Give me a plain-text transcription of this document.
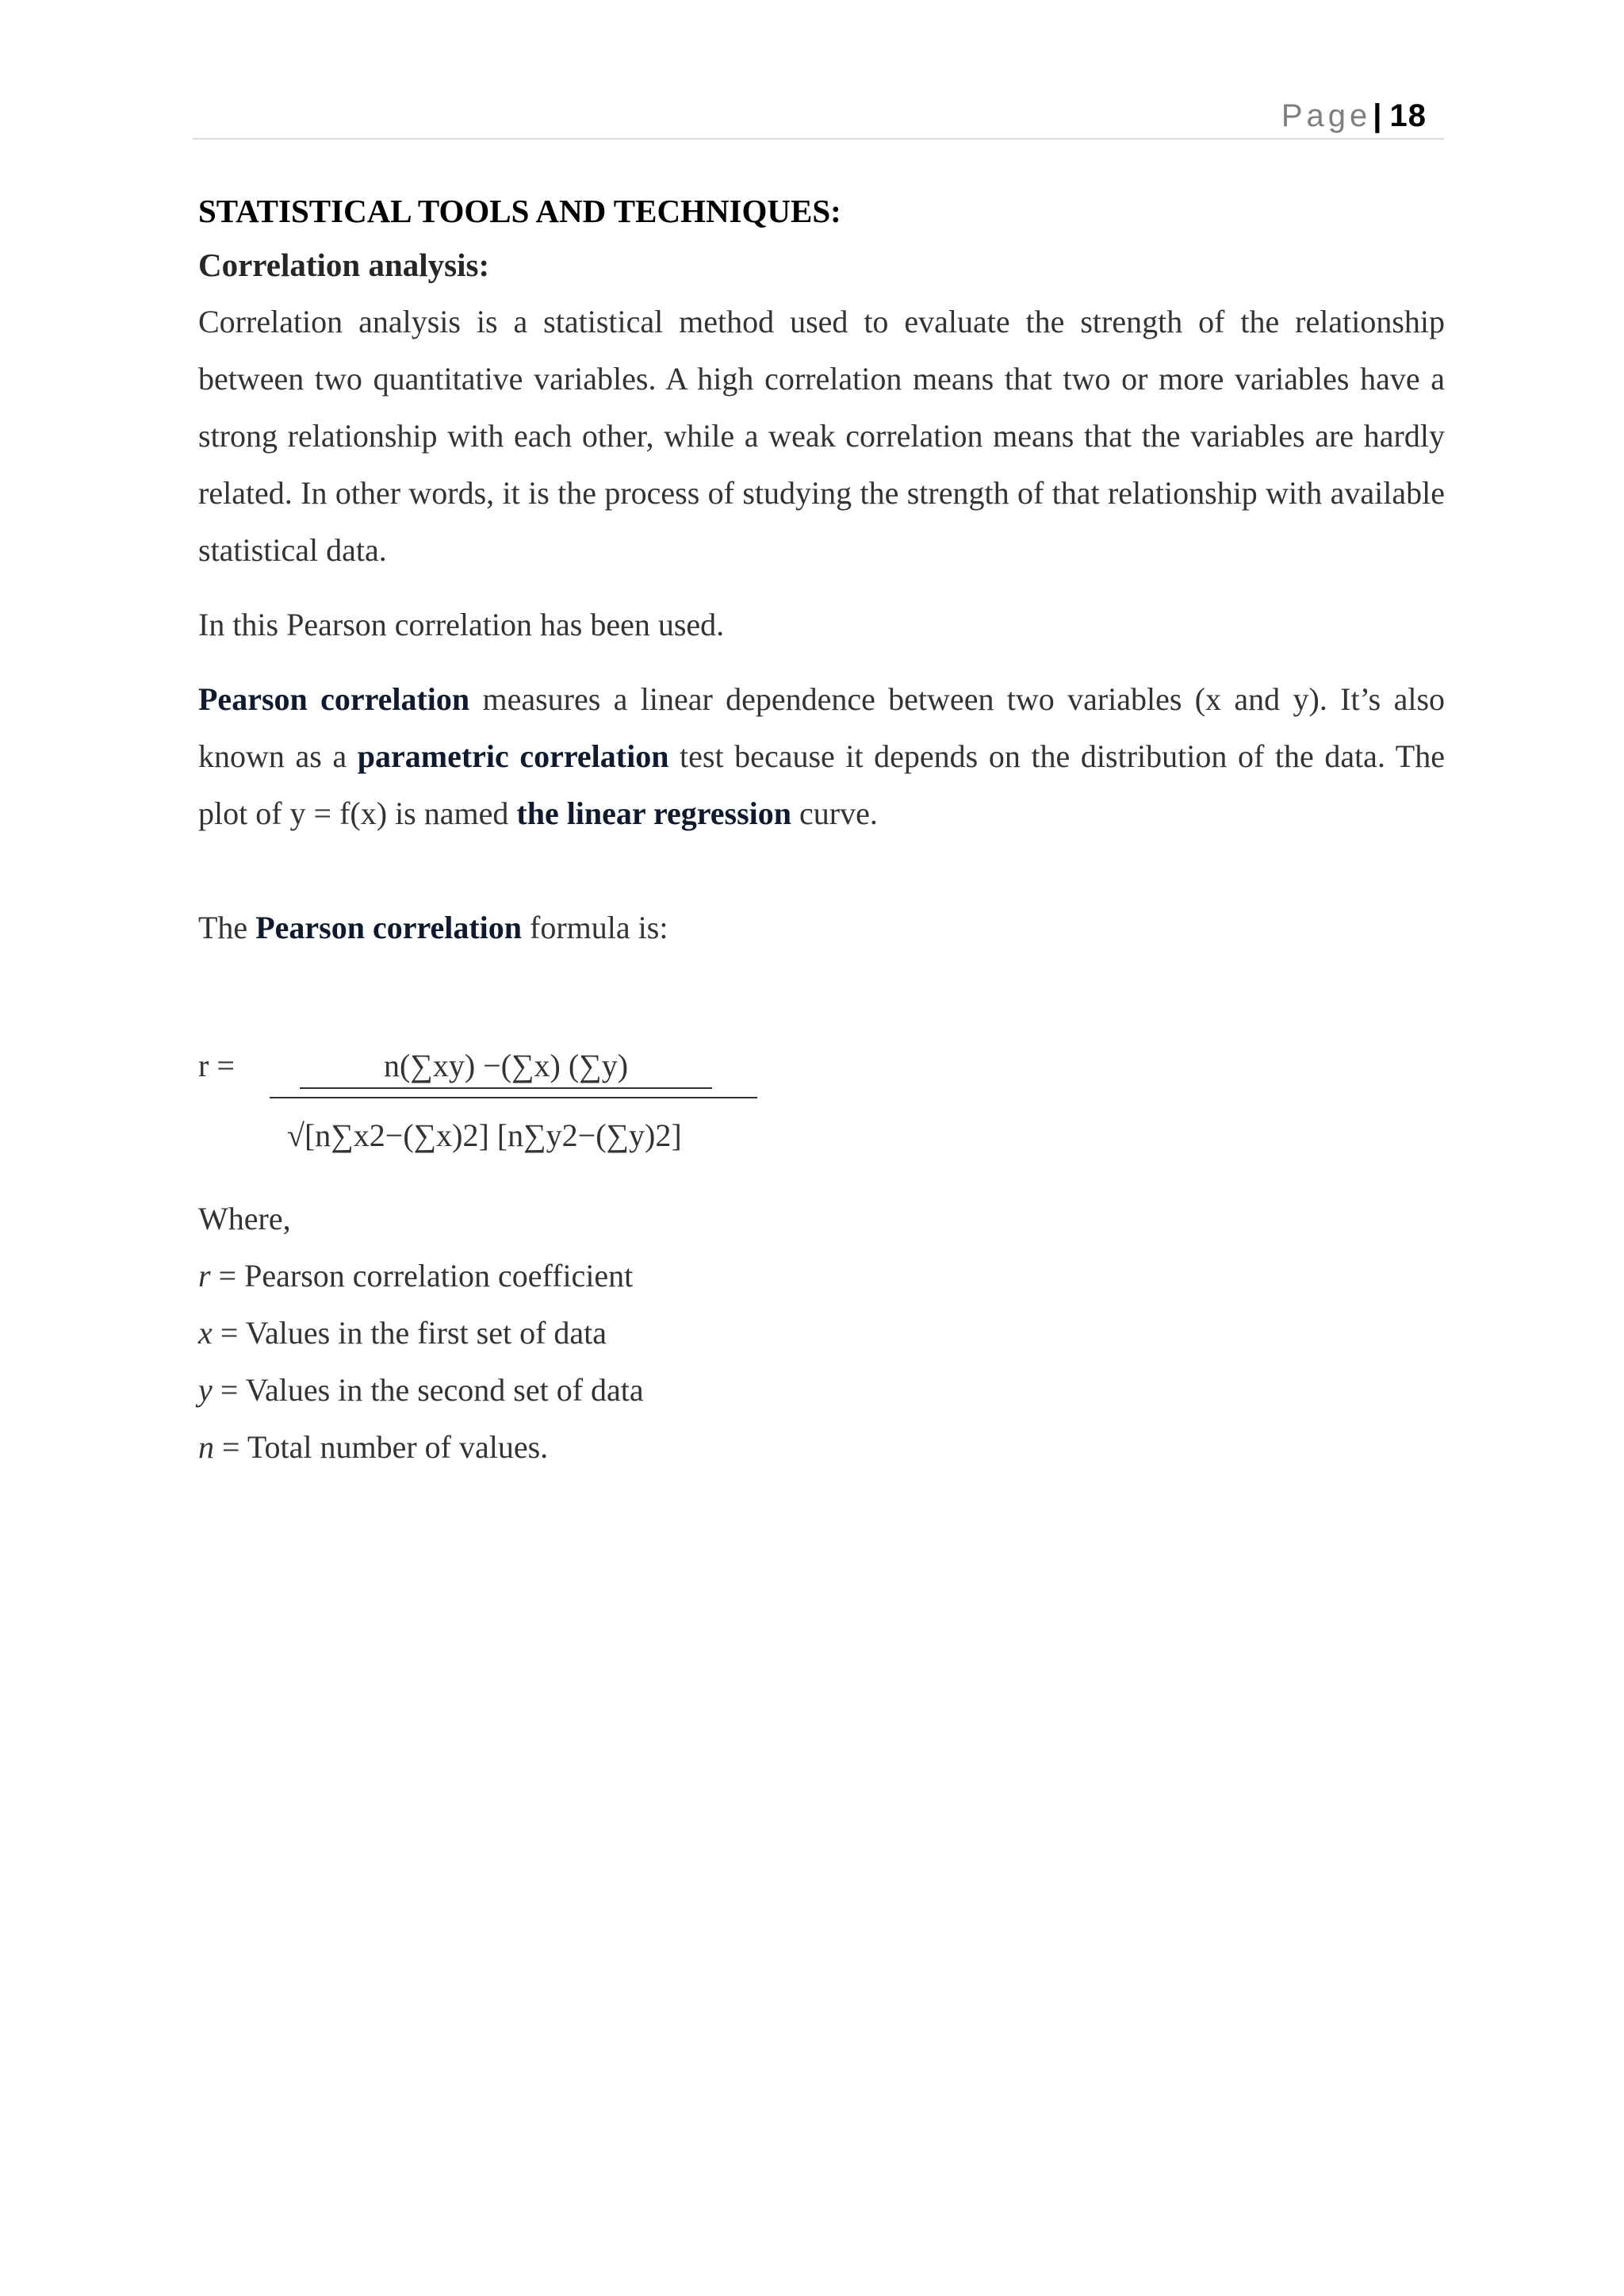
Page| 18
STATISTICAL TOOLS AND TECHNIQUES:
Correlation analysis:

Correlation analysis is a statistical method used to evaluate the strength of the relationship between two quantitative variables. A high correlation means that two or more variables have a strong relationship with each other, while a weak correlation means that the variables are hardly related. In other words, it is the process of studying the strength of that relationship with available statistical data.

In this Pearson correlation has been used.

Pearson correlation measures a linear dependence between two variables (x and y). It’s also known as a parametric correlation test because it depends on the distribution of the data. The plot of y = f(x) is named the linear regression curve.

The Pearson correlation formula is:

r =	n(∑xy) −(∑x) (∑y)
√[n∑x2−(∑x)2] [n∑y2−(∑y)2]

Where,

r = Pearson correlation coefficient

x = Values in the first set of data

y = Values in the second set of data

n = Total number of values.
